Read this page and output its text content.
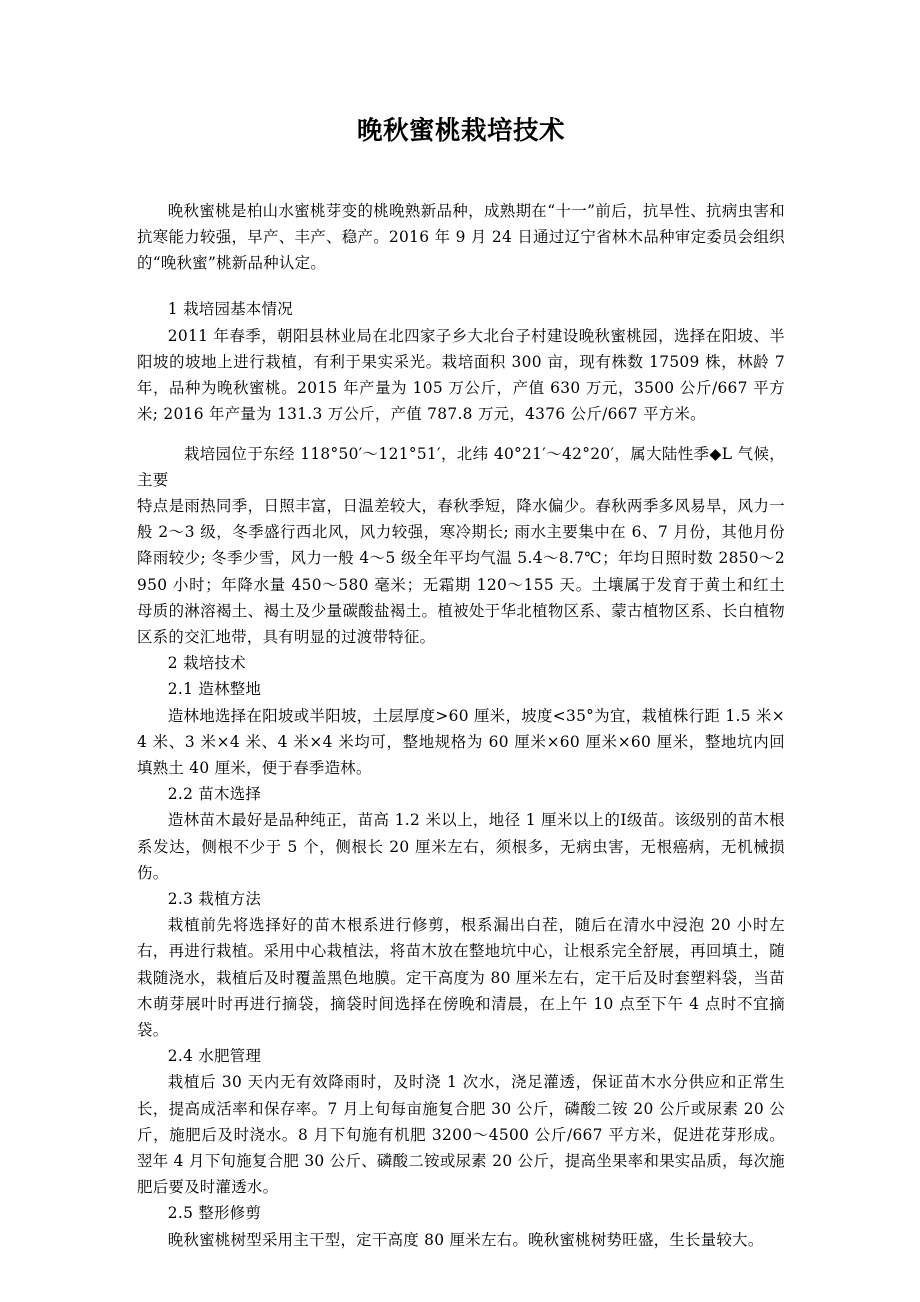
晚秋蜜桃栽培技术

晚秋蜜桃是柏山水蜜桃芽变的桃晚熟新品种，成熟期在“十一”前后，抗旱性、抗病虫害和抗寒能力较强，早产、丰产、稳产。2016 年 9 月 24 日通过辽宁省林木品种审定委员会组织的“晚秋蜜”桃新品种认定。

1 栽培园基本情况

2011 年春季，朝阳县林业局在北四家子乡大北台子村建设晚秋蜜桃园，选择在阳坡、半阳坡的坡地上进行栽植，有利于果实采光。栽培面积 300 亩，现有株数 17509 株，林龄 7 年，品种为晚秋蜜桃。2015 年产量为 105 万公斤，产值 630 万元，3500 公斤/667 平方米; 2016 年产量为 131.3 万公斤，产值 787.8 万元，4376 公斤/667 平方米。

栽培园位于东经 118°50′～121°51′，北纬 40°21′～42°20′，属大陆性季◆L 气候，主要

特点是雨热同季，日照丰富，日温差较大，春秋季短，降水偏少。春秋两季多风易旱，风力一般 2～3 级，冬季盛行西北风，风力较强，寒冷期长; 雨水主要集中在 6、7 月份，其他月份降雨较少; 冬季少雪，风力一般 4～5 级全年平均气温 5.4～8.7℃；年均日照时数 2850～2950 小时；年降水量 450～580 毫米；无霜期 120～155 天。土壤属于发育于黄土和红土母质的淋溶褐土、褐土及少量碳酸盐褐土。植被处于华北植物区系、蒙古植物区系、长白植物区系的交汇地带，具有明显的过渡带特征。

2 栽培技术

2.1 造林整地

造林地选择在阳坡或半阳坡，土层厚度>60 厘米，坡度<35°为宜，栽植株行距 1.5 米×4 米、3 米×4 米、4 米×4 米均可，整地规格为 60 厘米×60 厘米×60 厘米，整地坑内回填熟土 40 厘米，便于春季造林。

2.2 苗木选择

造林苗木最好是品种纯正，苗高 1.2 米以上，地径 1 厘米以上的Ⅰ级苗。该级别的苗木根系发达，侧根不少于 5 个，侧根长 20 厘米左右，须根多，无病虫害，无根癌病，无机械损伤。

2.3 栽植方法

栽植前先将选择好的苗木根系进行修剪，根系漏出白茬，随后在清水中浸泡 20 小时左右，再进行栽植。采用中心栽植法，将苗木放在整地坑中心，让根系完全舒展，再回填土，随栽随浇水，栽植后及时覆盖黑色地膜。定干高度为 80 厘米左右，定干后及时套塑料袋，当苗木萌芽展叶时再进行摘袋，摘袋时间选择在傍晚和清晨，在上午 10 点至下午 4 点时不宜摘袋。

2.4 水肥管理

栽植后 30 天内无有效降雨时，及时浇 1 次水，浇足灌透，保证苗木水分供应和正常生长，提高成活率和保存率。7 月上旬每亩施复合肥 30 公斤，磷酸二铵 20 公斤或尿素 20 公斤，施肥后及时浇水。8 月下旬施有机肥 3200～4500 公斤/667 平方米，促进花芽形成。翌年 4 月下旬施复合肥 30 公斤、磷酸二铵或尿素 20 公斤，提高坐果率和果实品质，每次施肥后要及时灌透水。

2.5 整形修剪

晚秋蜜桃树型采用主干型，定干高度 80 厘米左右。晚秋蜜桃树势旺盛，生长量较大。
